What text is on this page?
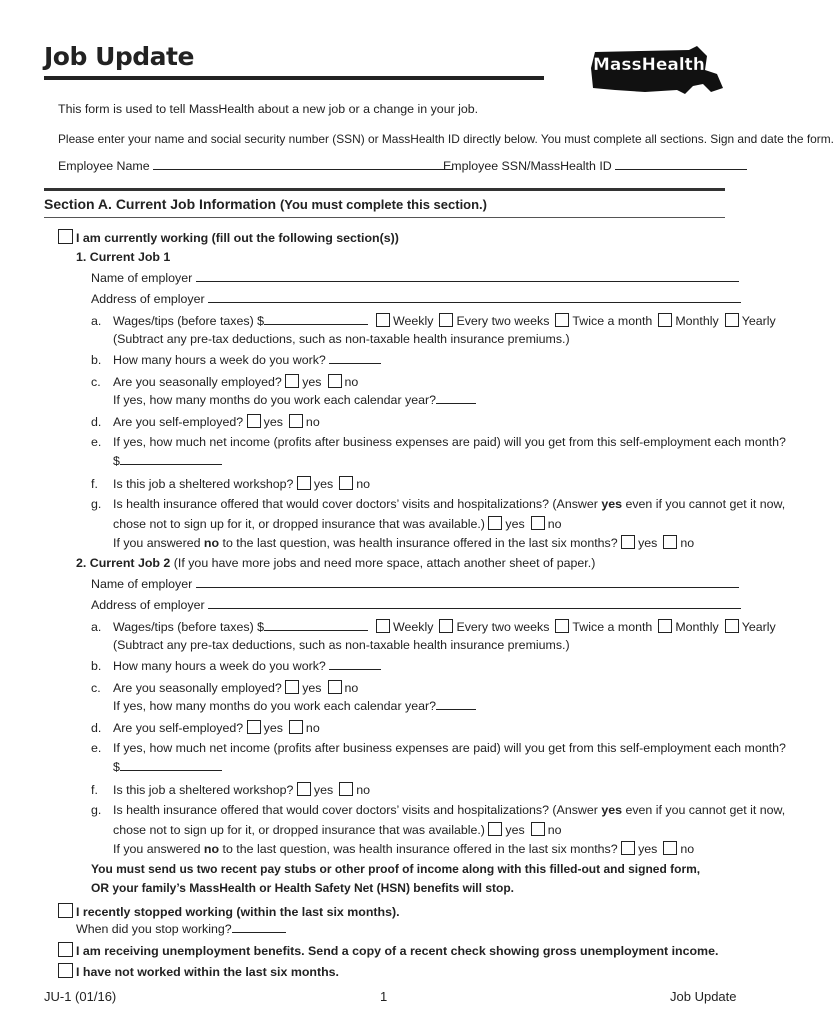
Job Update	MassHealth
This form is used to tell MassHealth about a new job or a change in your job.
Please enter your name and social security number (SSN) or MassHealth ID directly below. You must complete all sections. Sign and date the form.
Employee Name	Employee SSN/MassHealth ID
Section A. Current Job Information (You must complete this section.)
I am currently working (fill out the following section(s))
1. Current Job 1
Name of employer
Address of employer
a. Wages/tips (before taxes) $	Weekly Every two weeks Twice a month Monthly Yearly
(Subtract any pre-tax deductions, such as non-taxable health insurance premiums.)
b. How many hours a week do you work?
c. Are you seasonally employed? yes no
If yes, how many months do you work each calendar year?
d. Are you self-employed? yes no
e. If yes, how much net income (profits after business expenses are paid) will you get from this self-employment each month?
$
f. Is this job a sheltered workshop? yes no
g. Is health insurance offered that would cover doctors’ visits and hospitalizations? (Answer yes even if you cannot get it now,
chose not to sign up for it, or dropped insurance that was available.) yes no
If you answered no to the last question, was health insurance offered in the last six months? yes no
2. Current Job 2 (If you have more jobs and need more space, attach another sheet of paper.)
Name of employer
Address of employer
a. Wages/tips (before taxes) $	Weekly Every two weeks Twice a month Monthly Yearly
(Subtract any pre-tax deductions, such as non-taxable health insurance premiums.)
b. How many hours a week do you work?
c. Are you seasonally employed? yes no
If yes, how many months do you work each calendar year?
d. Are you self-employed? yes no
e. If yes, how much net income (profits after business expenses are paid) will you get from this self-employment each month?
$
f. Is this job a sheltered workshop? yes no
g. Is health insurance offered that would cover doctors’ visits and hospitalizations? (Answer yes even if you cannot get it now,
chose not to sign up for it, or dropped insurance that was available.) yes no
If you answered no to the last question, was health insurance offered in the last six months? yes no
You must send us two recent pay stubs or other proof of income along with this filled-out and signed form,
OR your family’s MassHealth or Health Safety Net (HSN) benefits will stop.
I recently stopped working (within the last six months).
When did you stop working?
I am receiving unemployment benefits. Send a copy of a recent check showing gross unemployment income.
I have not worked within the last six months.
JU-1 (01/16)	1	Job Update
